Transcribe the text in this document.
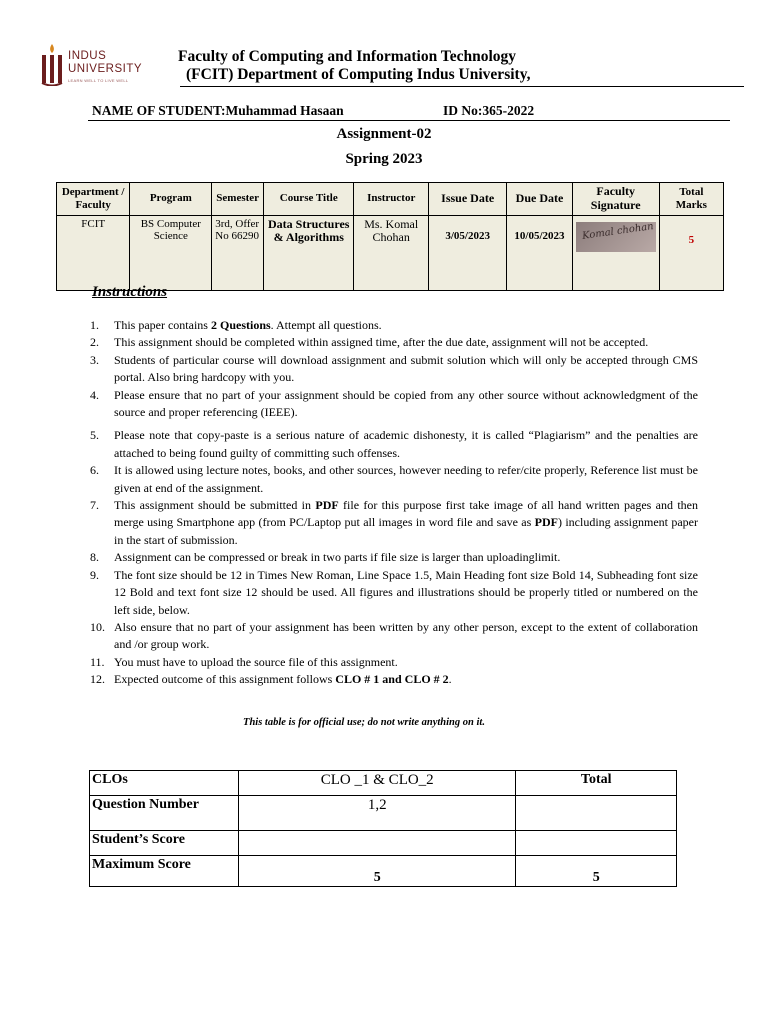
INDUS
UNIVERSITY
LEARN WELL TO LIVE WELL
Faculty of Computing and Information Technology
(FCIT) Department of Computing Indus University,
NAME OF STUDENT:Muhammad Hasaan	ID No:365-2022
Assignment-02
Spring 2023
Department / Faculty	Program	Semester	Course Title	Instructor	Issue Date	Due Date	Faculty Signature	Total Marks
FCIT	BS Computer Science	3rd, Offer No 66290	Data Structures & Algorithms	Ms. Komal Chohan	3/05/2023	10/05/2023	Komal chohan	5
Instructions
1. This paper contains 2 Questions. Attempt all questions.
2. This assignment should be completed within assigned time, after the due date, assignment will not be accepted.
3. Students of particular course will download assignment and submit solution which will only be accepted through CMS portal. Also bring hardcopy with you.
4. Please ensure that no part of your assignment should be copied from any other source without acknowledgment of the source and proper referencing (IEEE).
5. Please note that copy-paste is a serious nature of academic dishonesty, it is called “Plagiarism” and the penalties are attached to being found guilty of committing such offenses.
6. It is allowed using lecture notes, books, and other sources, however needing to refer/cite properly, Reference list must be given at end of the assignment.
7. This assignment should be submitted in PDF file for this purpose first take image of all hand written pages and then merge using Smartphone app (from PC/Laptop put all images in word file and save as PDF) including assignment paper in the start of submission.
8. Assignment can be compressed or break in two parts if file size is larger than uploadinglimit.
9. The font size should be 12 in Times New Roman, Line Space 1.5, Main Heading font size Bold 14, Subheading font size 12 Bold and text font size 12 should be used. All figures and illustrations should be properly titled or numbered on the left side, below.
10. Also ensure that no part of your assignment has been written by any other person, except to the extent of collaboration and /or group work.
11. You must have to upload the source file of this assignment.
12. Expected outcome of this assignment follows CLO # 1 and CLO # 2.
This table is for official use; do not write anything on it.
CLOs	CLO _1 & CLO_2	Total
Question Number	1,2	
Student’s Score		
Maximum Score	5	5
